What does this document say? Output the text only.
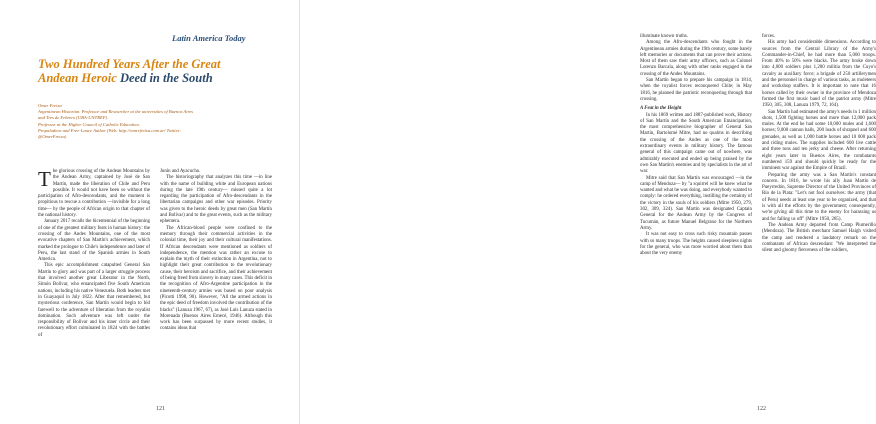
Latin America Today
Two Hundred Years After the Great
Andean Heroic Deed in the South
Omer Freixa
Argentinean Historian. Professor and Researcher at the universities of Buenos Aires
and Tres de Febrero (UBA-UNTREF).
Professor at the Higher Council of Catholic Education.
Propaladora and Free-Lance Author (Web: http://omerfreixa.com.ar/ Twitter:
@OmerFreixa)

The glorious crossing of the Andean Mountains by the Andean Army, captained by José de San Martín, made the liberation of Chile and Peru possible. It would not have been so without the participation of Afro-descendants, and the moment is propitious to rescue a contribution —invisible for a long time— by the people of African origin to that chapter of the national history.

January 2017 recalls the bicentennial of the beginning of one of the greatest military feats in human history: the crossing of the Andes Mountains, one of the most evocative chapters of San Martín's achievement, which marked the prologue to Chile's independence and later of Peru, the last stand of the Spanish armies in South America.

This epic accomplishment catapulted General San Martín to glory and was part of a larger struggle process that involved another great Liberator in the North, Simón Bolívar, who emancipated five South American nations, including his native Venezuela. Both leaders met in Guayaquil in July 1822. After that remembered, but mysterious conference, San Martín would begin to bid farewell to the adventure of liberation from the royalist domination. Such adventure was left under the responsibility of Bolívar and his inner circle and their revolutionary effort culminated in 1824 with the battles of

Junín and Ayacucho.

The historiography that analyzes this time —in line with the name of building white and European nations during the late 19th century— missed quite a lot regarding the participation of Afro-descendants in the libertarian campaigns and other war episodes. Priority was given to the heroic deeds by great men (San Martín and Bolívar) and to the great events, such as the military ephemera.

The African-blood people were confined to the memory through their commercial activities in the colonial time, their joy and their cultural manifestations. If African descendants were mentioned as soldiers of independence, the mention was rather an excuse to explain the myth of their extinction in Argentina, not to highlight their great contribution to the revolutionary cause, their heroism and sacrifice, and their achievement of being freed from slavery in many cases. This deficit in the recognition of Afro-Argentine participation in the nineteenth-century armies was based on poor analysis (Picotti 1998, 90). However, "All the armed actions in the epic deed of freedom involved the contribution of the blacks" (Lanuza 1967, 67), as José Luis Lanuza stated in Morenada (Buenos Aires Emecé, 1946). Although this work has been surpassed by more recent studies, it contains ideas that

121

illuminate known truths.

Among the Afro-descendants who fought in the Argentinean armies during the 19th century, some barely left memories or documents that can prove their actions. Most of them saw their army officers, such as Colonel Lorenzo Barcala, along with other ranks engaged in the crossing of the Andes Mountains.

San Martín began to prepare his campaign in 1814, when the royalist forces reconquered Chile; in May 1816, he planned the patriotic reconquering through that crossing.

A Feat in the Height

In his 1869 written and 1887-published work, History of San Martín and the South American Emancipation, the most comprehensive biographer of General San Martín, Bartolomé Mitre, had no qualms in describing the crossing of the Andes as one of the most extraordinary events in military history. The famous general of this campaign came out of nowhere, was admirably executed and ended up being praised by the own San Martín's enemies and by specialists in the art of war.

Mitre said that San Martín was encouraged —in the camp of Mendoza— by "a squirrel will he knew what he wanted and what he was doing, and everybody wanted to comply: he ordered everything, instilling the certainty of the victory in the souls of his soldiers (Mitre 1950, 279, 302, 309, 324). San Martín was designated Captain General for the Andean Army by the Congress of Tucumán, as future Manuel Belgrano for the Northern Army.

It was not easy to cross such risky mountain passes with so many troops. The heights caused sleepless nights for the general, who was more worried about them than about the very enemy

forces.

His army had considerable dimensions. According to sources from the Central Library of the Army's Commander-in-Chief, he had more than 5,000 troops. From 40% to 50% were blacks. The army broke down into 4,000 soldiers plus 1,200 militia from the Cuyo's cavalry as auxiliary force; a brigade of 250 artillerymen and the personnel in charge of various tasks, as muleteers and workshop staffers. It is important to note that 16 horses called by their owner in the province of Mendoza formed the first music band of the patriot army (Mitre 1950, 305, 308, Lanuza 1979, 72, 164).

San Martín had estimated the army's needs in 1 million shots, 1,500 fighting horses and more than 12,000 pack mules. At the end he had some 10,000 mules and 1,600 horses; 9,000 cannon balls, 200 loads of shrapnel and 600 grenades, as well as 1,000 battle horses and 10 000 pack and riding mules. The supplies included 600 live cattle and three tons and ten jerky and cheese. After returning eight years later to Buenos Aires, the combatants numbered 159 and should quickly be ready for the imminent war against the Empire of Brazil.

Preparing the army was a San Martín's constant concern. In 1816, he wrote his ally Juan Martín de Pueyrredón, Supreme Director of the United Provinces of Río de la Plata: "Let's not fool ourselves: the army (that of Peru) needs at least one year to be organized, and that is with all the efforts by the government; consequently, we're giving all this time to the enemy for harassing us and for falling us off" (Mitre 1950, 285).

The Andean Army departed from Camp Plumerillo (Mendoza). The British merchant Samuel Haigh visited the camp and rendered a laudatory remark on the combatants of African descendant: "We interpreted the silent and gloomy fierceness of the soldiers,

122
